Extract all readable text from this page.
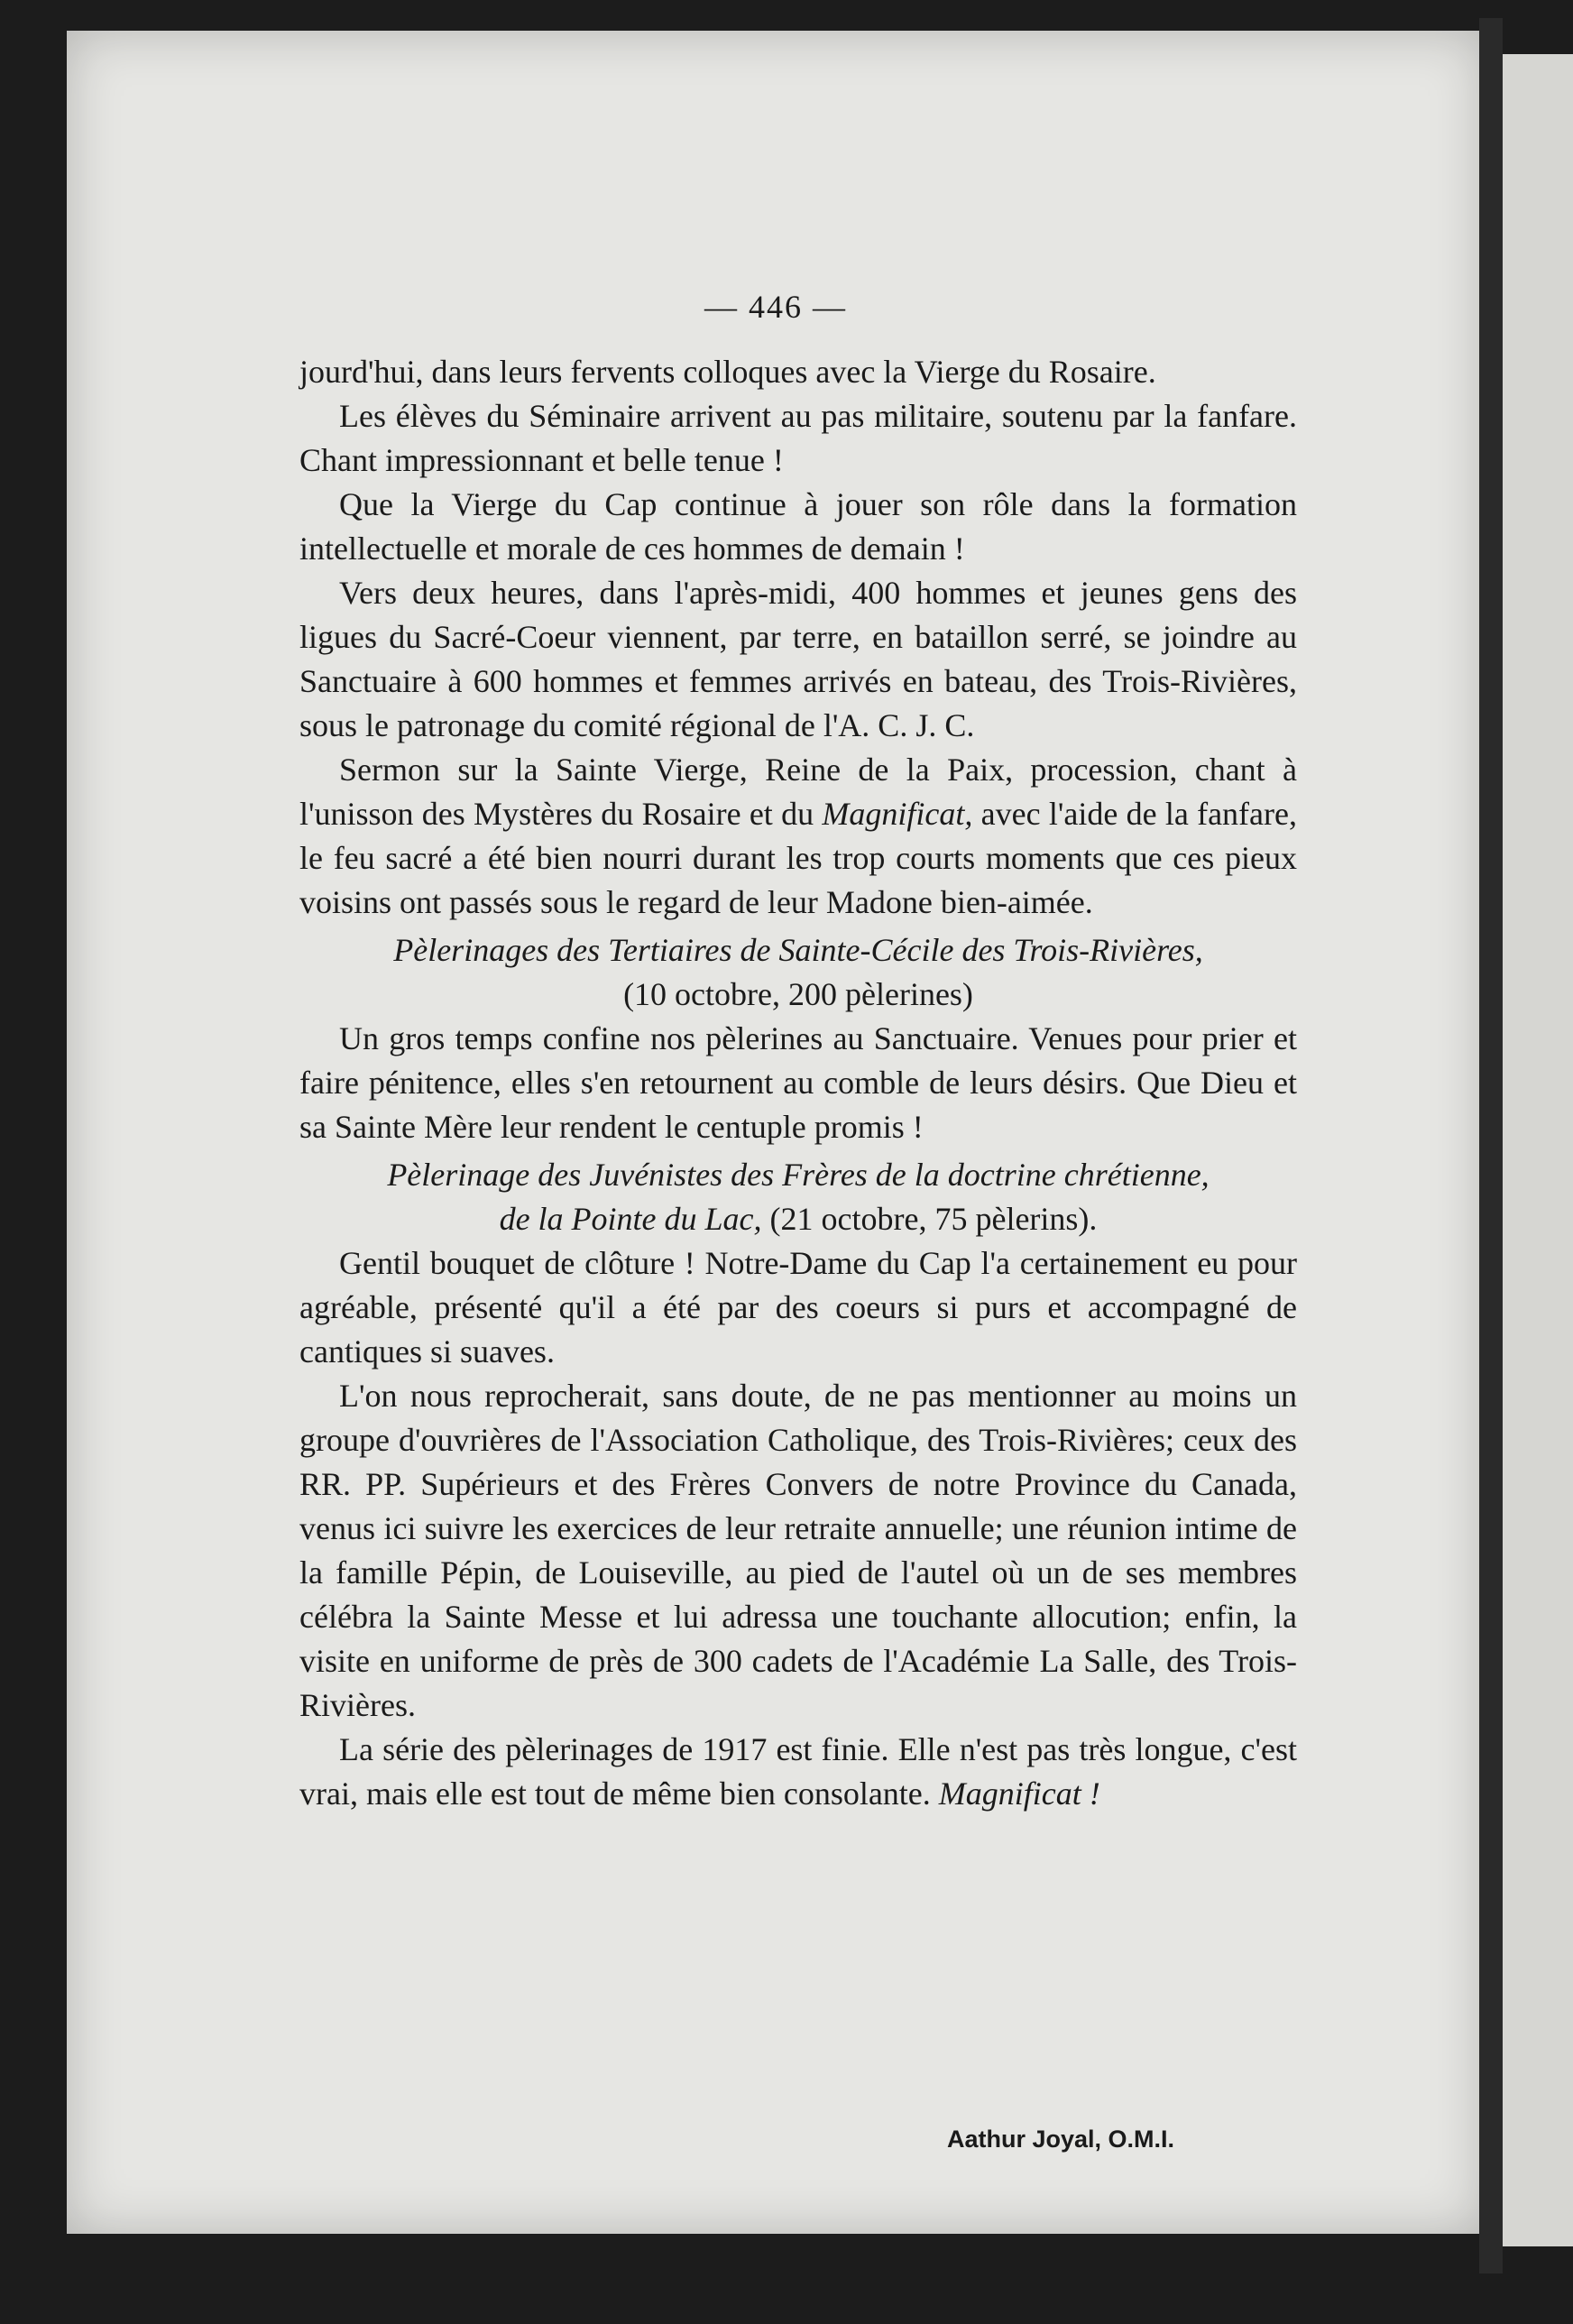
— 446 —

jourd'hui, dans leurs fervents colloques avec la Vierge du Rosaire.

Les élèves du Séminaire arrivent au pas militaire, soutenu par la fanfare. Chant impressionnant et belle tenue !

Que la Vierge du Cap continue à jouer son rôle dans la formation intellectuelle et morale de ces hommes de demain !

Vers deux heures, dans l'après-midi, 400 hommes et jeunes gens des ligues du Sacré-Coeur viennent, par terre, en bataillon serré, se joindre au Sanctuaire à 600 hommes et femmes arrivés en bateau, des Trois-Rivières, sous le patronage du comité régional de l'A. C. J. C.

Sermon sur la Sainte Vierge, Reine de la Paix, procession, chant à l'unisson des Mystères du Rosaire et du Magnificat, avec l'aide de la fanfare, le feu sacré a été bien nourri durant les trop courts moments que ces pieux voisins ont passés sous le regard de leur Madone bien-aimée.

Pèlerinages des Tertiaires de Sainte-Cécile des Trois-Rivières,
(10 octobre, 200 pèlerines)

Un gros temps confine nos pèlerines au Sanctuaire. Venues pour prier et faire pénitence, elles s'en retournent au comble de leurs désirs. Que Dieu et sa Sainte Mère leur rendent le centuple promis !

Pèlerinage des Juvénistes des Frères de la doctrine chrétienne,
de la Pointe du Lac, (21 octobre, 75 pèlerins).

Gentil bouquet de clôture ! Notre-Dame du Cap l'a certainement eu pour agréable, présenté qu'il a été par des coeurs si purs et accompagné de cantiques si suaves.

L'on nous reprocherait, sans doute, de ne pas mentionner au moins un groupe d'ouvrières de l'Association Catholique, des Trois-Rivières; ceux des RR. PP. Supérieurs et des Frères Convers de notre Province du Canada, venus ici suivre les exercices de leur retraite annuelle; une réunion intime de la famille Pépin, de Louiseville, au pied de l'autel où un de ses membres célébra la Sainte Messe et lui adressa une touchante allocution; enfin, la visite en uniforme de près de 300 cadets de l'Académie La Salle, des Trois-Rivières.

La série des pèlerinages de 1917 est finie. Elle n'est pas très longue, c'est vrai, mais elle est tout de même bien consolante. Magnificat !

Aathur Joyal, O.M.I.
